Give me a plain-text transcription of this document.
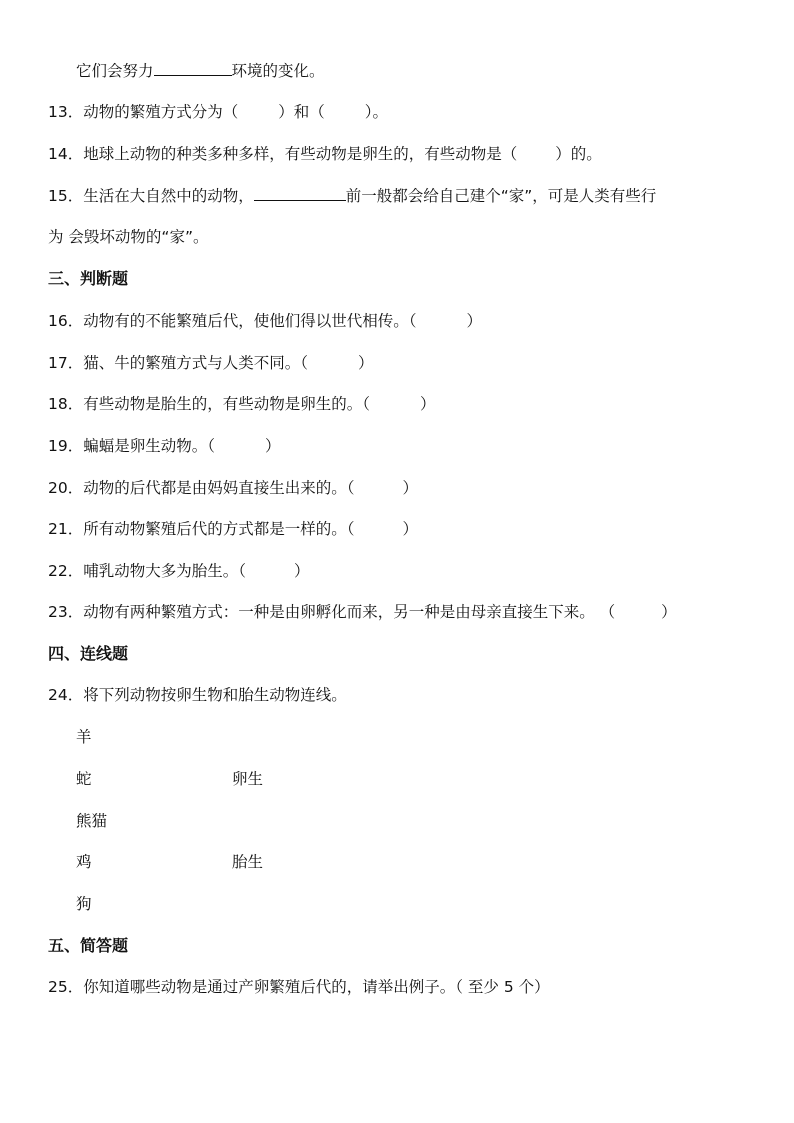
它们会努力	环境的变化。
13．动物的繁殖方式分为（	）和（	）。
14．地球上动物的种类多种多样，有些动物是卵生的，有些动物是（ ）的。
15．生活在大自然中的动物，	前一般都会给自己建个“家”，可是人类有些行
为 会毁坏动物的“家”。
三、判断题
16．动物有的不能繁殖后代，使他们得以世代相传。（	）
17．猫、牛的繁殖方式与人类不同。（	）
18．有些动物是胎生的，有些动物是卵生的。（	）
19．蝙蝠是卵生动物。（	）
20．动物的后代都是由妈妈直接生出来的。（	）
21．所有动物繁殖后代的方式都是一样的。（	）
22．哺乳动物大多为胎生。（	）
23．动物有两种繁殖方式：一种是由卵孵化而来，另一种是由母亲直接生下来。 （	）
四、连线题
24．将下列动物按卵生物和胎生动物连线。
羊
蛇
熊猫
鸡
狗
卵生
胎生
五、简答题
25．你知道哪些动物是通过产卵繁殖后代的，请举出例子。（ 至少 5 个）
